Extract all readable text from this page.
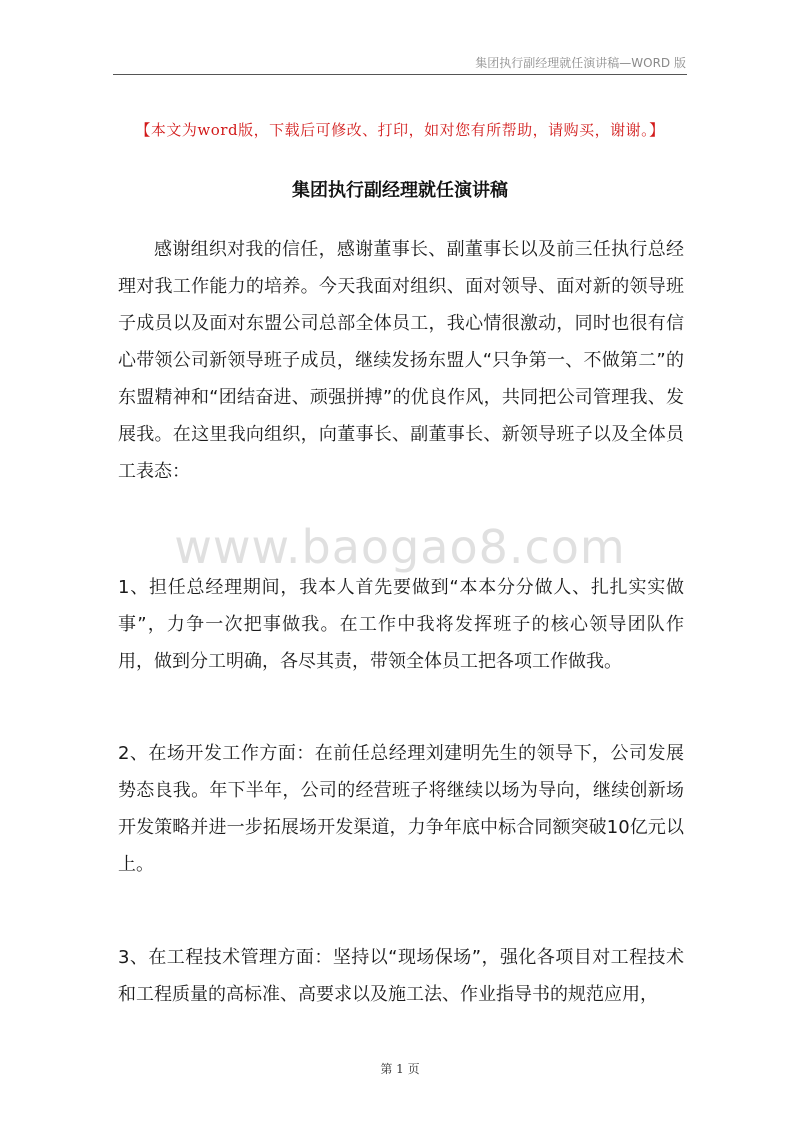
集团执行副经理就任演讲稿—WORD 版
【本文为word版，下载后可修改、打印，如对您有所帮助，请购买，谢谢。】
集团执行副经理就任演讲稿
www.baogao8.com

感谢组织对我的信任，感谢董事长、副董事长以及前三任执行总经理对我工作能力的培养。今天我面对组织、面对领导、面对新的领导班子成员以及面对东盟公司总部全体员工，我心情很激动，同时也很有信心带领公司新领导班子成员，继续发扬东盟人“只争第一、不做第二”的东盟精神和“团结奋进、顽强拼搏”的优良作风，共同把公司管理我、发展我。在这里我向组织，向董事长、副董事长、新领导班子以及全体员工表态：

1、担任总经理期间，我本人首先要做到“本本分分做人、扎扎实实做事”，力争一次把事做我。在工作中我将发挥班子的核心领导团队作用，做到分工明确，各尽其责，带领全体员工把各项工作做我。

2、在场开发工作方面：在前任总经理刘建明先生的领导下，公司发展势态良我。年下半年，公司的经营班子将继续以场为导向，继续创新场开发策略并进一步拓展场开发渠道，力争年底中标合同额突破10亿元以上。

3、在工程技术管理方面：坚持以“现场保场”，强化各项目对工程技术和工程质量的高标准、高要求以及施工法、作业指导书的规范应用，

第 1 页
